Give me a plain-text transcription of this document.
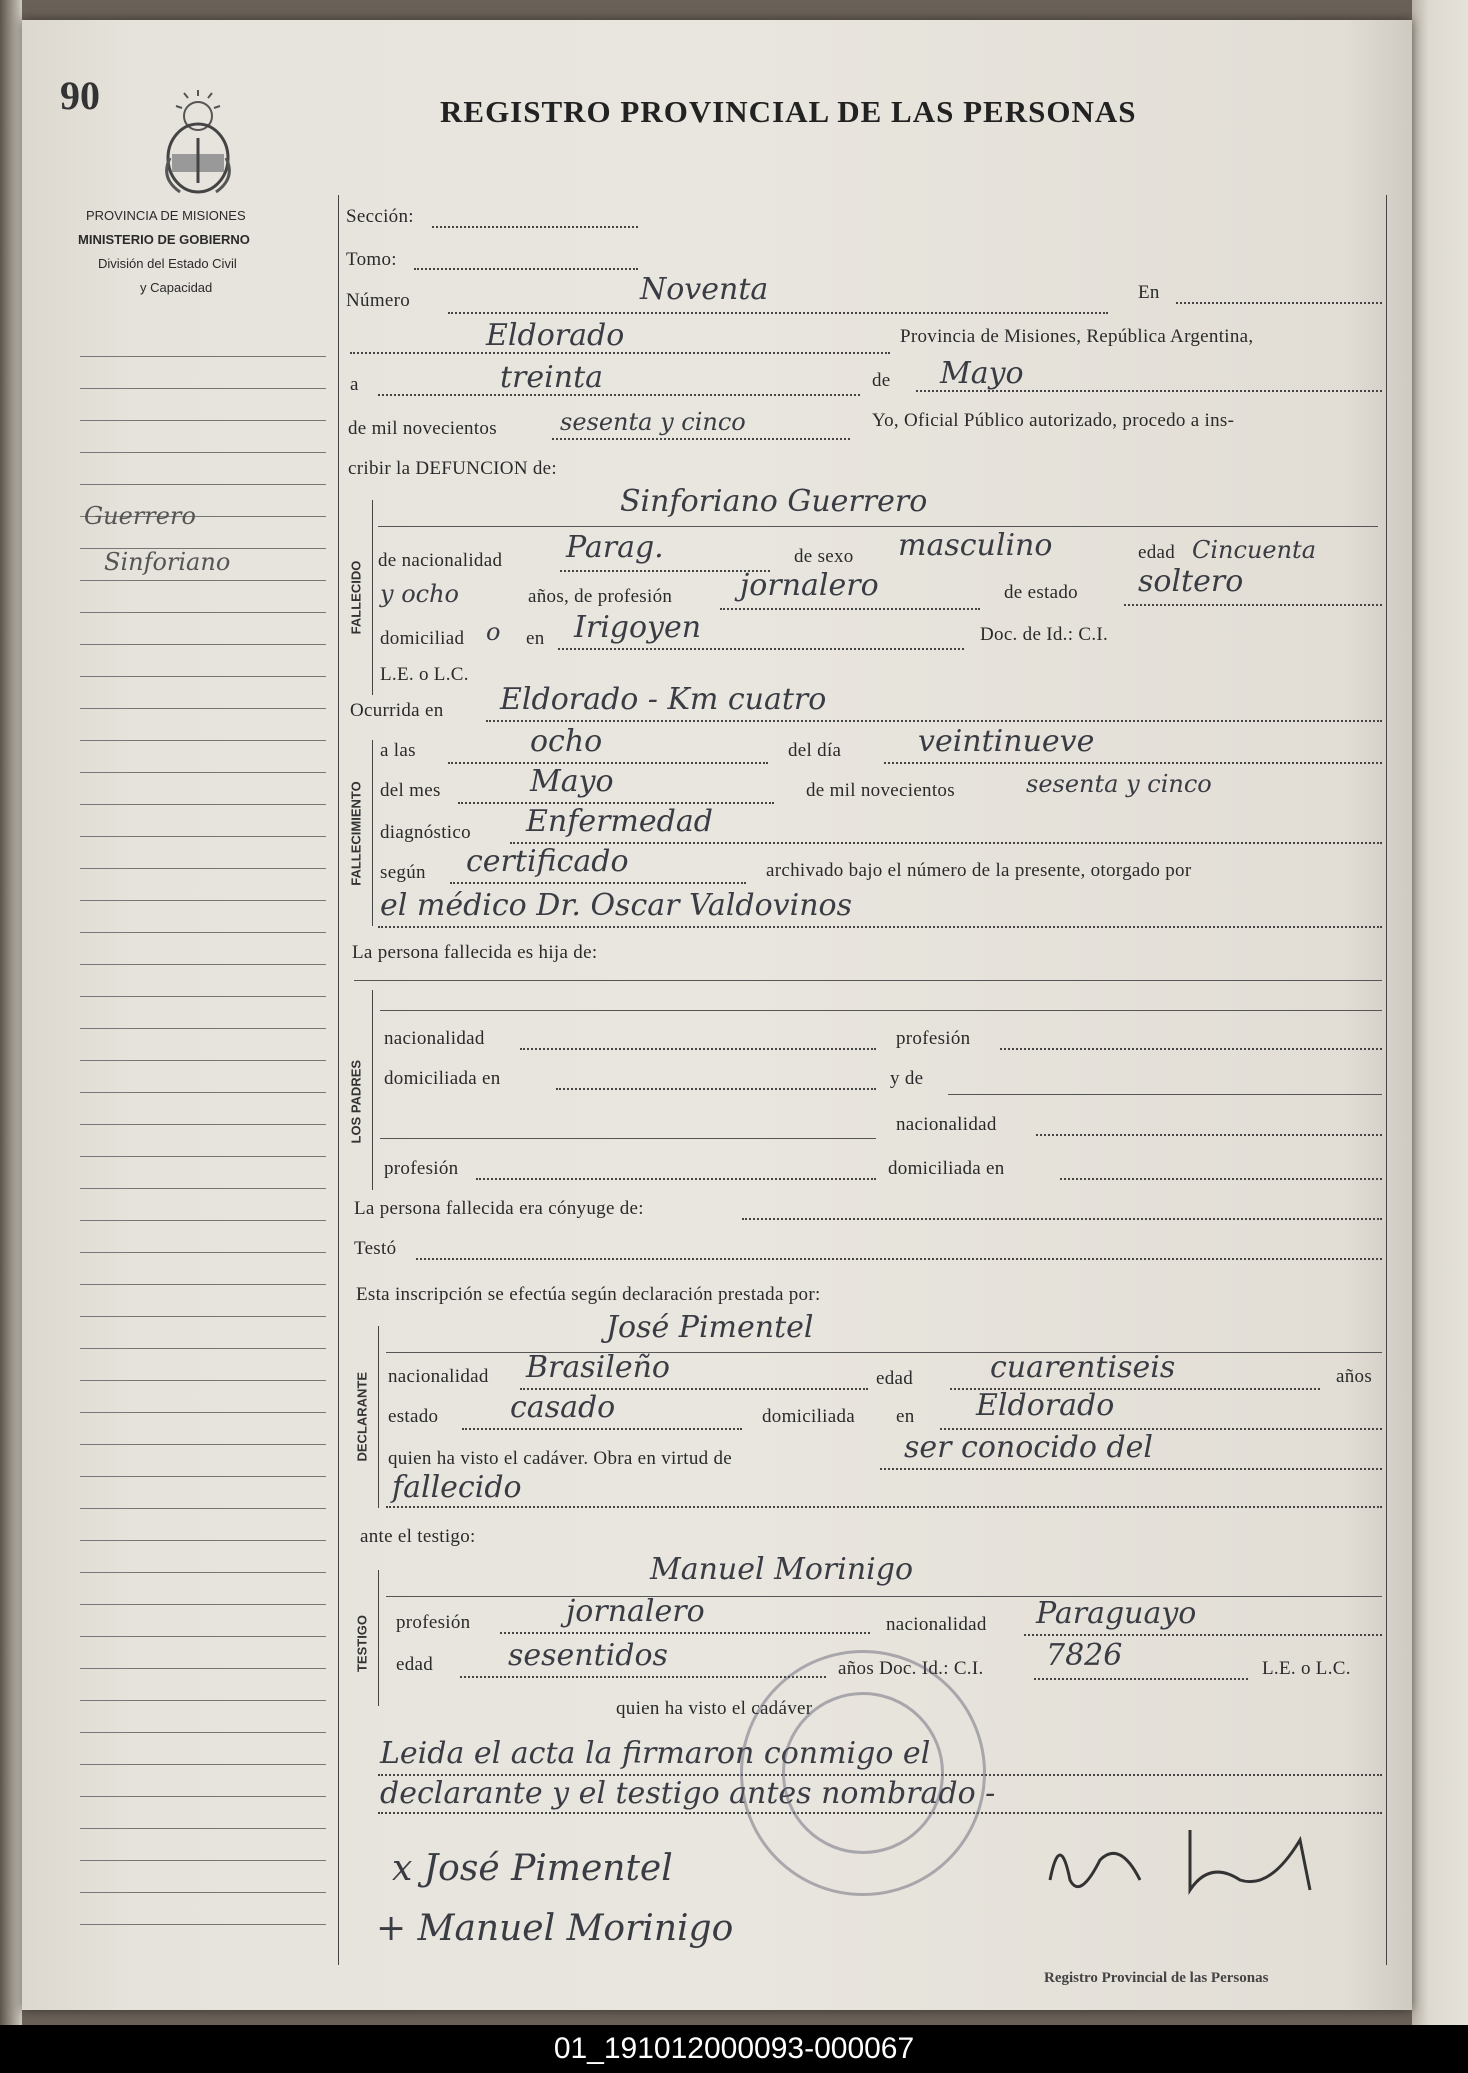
90	REGISTRO PROVINCIAL DE LAS PERSONAS
PROVINCIA DE MISIONES
MINISTERIO DE GOBIERNO
División del Estado Civil
y Capacidad
Guerrero
Sinforiano
Sección:
Tomo:
Número	Noventa	En
Eldorado	Provincia de Misiones, República Argentina,
a	treinta	de Mayo
de mil novecientos	sesenta y cinco	Yo, Oficial Público autorizado, procedo a ins-
cribir la DEFUNCION de:
FALLECIDO
Sinforiano Guerrero
de nacionalidad Parag.	de sexo masculino	edad Cincuenta
y ocho	años, de profesión jornalero	de estado soltero
domiciliad o en Irigoyen	Doc. de Id.: C.I.
L.E. o L.C.
Ocurrida en Eldorado - Km cuatro
FALLECIMIENTO
a las	ocho	del día	veintinueve
del mes	Mayo	de mil novecientos	sesenta y cinco
diagnóstico Enfermedad
según certificado	archivado bajo el número de la presente, otorgado por
el médico Dr. Oscar Valdovinos
La persona fallecida es hija de:
LOS PADRES
nacionalidad	profesión
domiciliada en	y de
nacionalidad
profesión	domiciliada en
La persona fallecida era cónyuge de:
Testó
Esta inscripción se efectúa según declaración prestada por:
DECLARANTE
José Pimentel
nacionalidad Brasileño	edad	cuarentiseis	años
estado casado	domiciliada en Eldorado
quien ha visto el cadáver. Obra en virtud de	ser conocido del
fallecido
ante el testigo:
TESTIGO
Manuel Morinigo
profesión	jornalero	nacionalidad Paraguayo
edad sesentidos	años Doc. Id.: C.I. 7826	L.E. o L.C.
quien ha visto el cadáver
Leida el acta la firmaron conmigo el
declarante y el testigo antes nombrado -
x José Pimentel
+ Manuel Morinigo
Registro Provincial de las Personas
01_191012000093-000067
